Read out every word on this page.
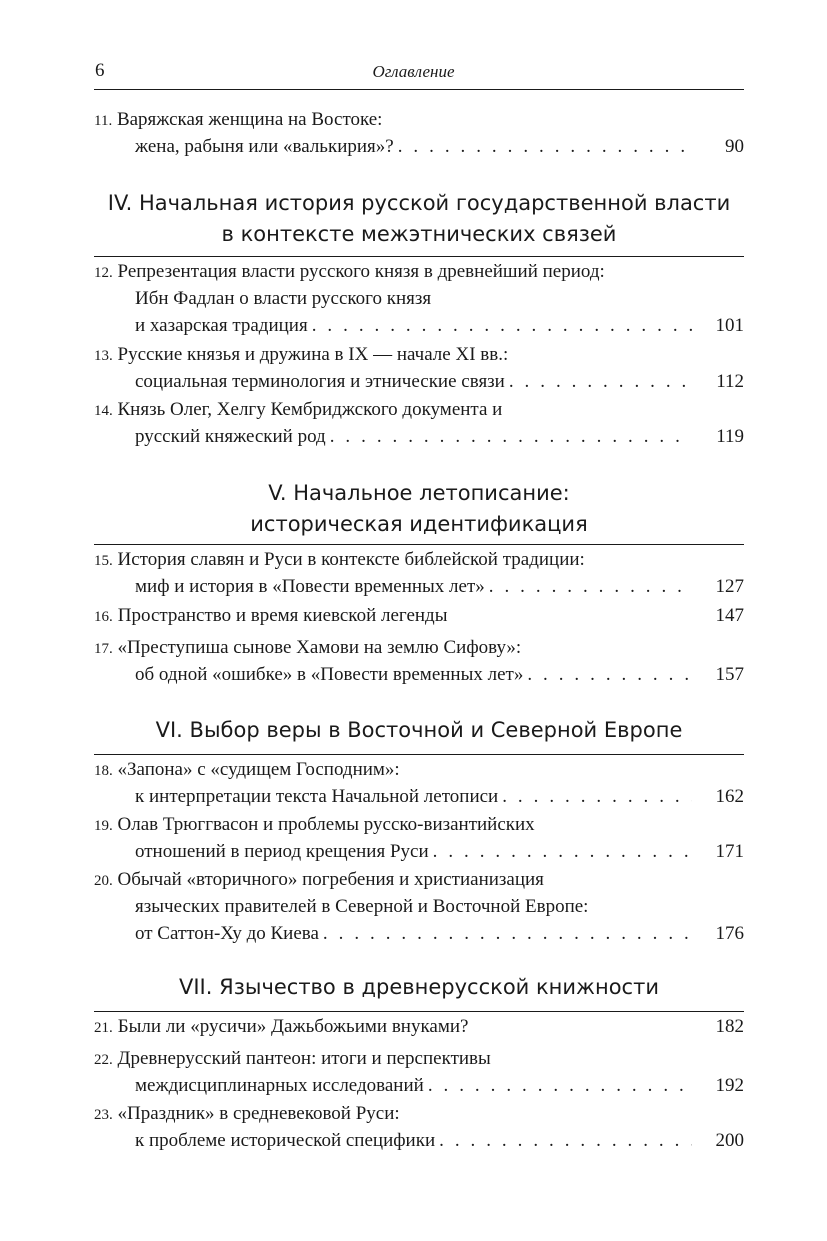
6	Оглавление
11. Варяжская женщина на Востоке:
жена, рабыня или «валькирия»? . . .	90
IV. Начальная история русской государственной власти
в контексте межэтнических связей
12. Репрезентация власти русского князя в древнейший период:
Ибн Фадлан о власти русского князя
и хазарская традиция . . .	101
13. Русские князья и дружина в IX — начале XI вв.:
социальная терминология и этнические связи . . .	112
14. Князь Олег, Хелгу Кембриджского документа и
русский княжеский род . . .	119
V. Начальное летописание:
историческая идентификация
15. История славян и Руси в контексте библейской традиции:
миф и история в «Повести временных лет» . . .	127
16. Пространство и время киевской легенды	147
17. «Преступиша сынове Хамови на землю Сифову»:
об одной «ошибке» в «Повести временных лет» . . .	157
VI. Выбор веры в Восточной и Северной Европе
18. «Запона» с «судищем Господним»:
к интерпретации текста Начальной летописи . . .	162
19. Олав Трюггвасон и проблемы русско-византийских
отношений в период крещения Руси . . .	171
20. Обычай «вторичного» погребения и христианизация
языческих правителей в Северной и Восточной Европе:
от Саттон-Ху до Киева . . .	176
VII. Язычество в древнерусской книжности
21. Были ли «русичи» Дажьбожьими внуками?	182
22. Древнерусский пантеон: итоги и перспективы
междисциплинарных исследований . . .	192
23. «Праздник» в средневековой Руси:
к проблеме исторической специфики . . .	200
